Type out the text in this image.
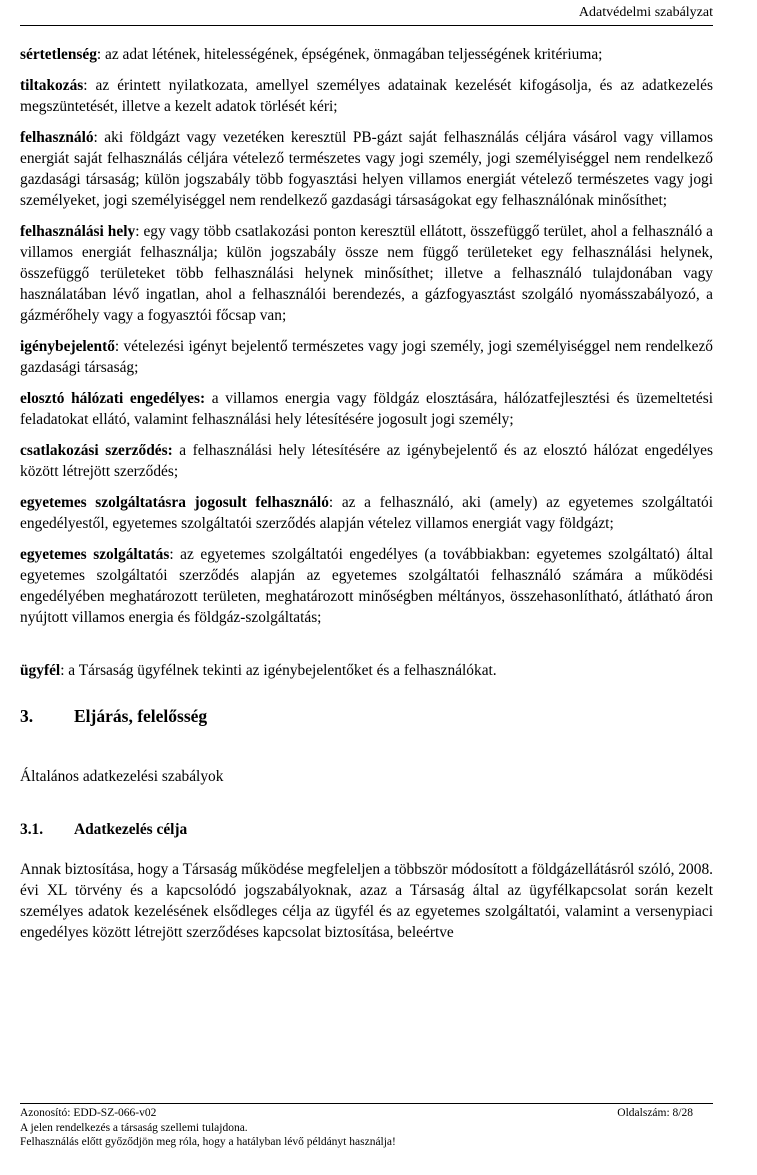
Adatvédelmi szabályzat

sértetlenség: az adat létének, hitelességének, épségének, önmagában teljességének kritériuma;

tiltakozás: az érintett nyilatkozata, amellyel személyes adatainak kezelését kifogásolja, és az adatkezelés megszüntetését, illetve a kezelt adatok törlését kéri;

felhasználó: aki földgázt vagy vezetéken keresztül PB-gázt saját felhasználás céljára vásárol vagy villamos energiát saját felhasználás céljára vételező természetes vagy jogi személy, jogi személyiséggel nem rendelkező gazdasági társaság; külön jogszabály több fogyasztási helyen villamos energiát vételező természetes vagy jogi személyeket, jogi személyiséggel nem rendelkező gazdasági társaságokat egy felhasználónak minősíthet;

felhasználási hely: egy vagy több csatlakozási ponton keresztül ellátott, összefüggő terület, ahol a felhasználó a villamos energiát felhasználja; külön jogszabály össze nem függő területeket egy felhasználási helynek, összefüggő területeket több felhasználási helynek minősíthet; illetve a felhasználó tulajdonában vagy használatában lévő ingatlan, ahol a felhasználói berendezés, a gázfogyasztást szolgáló nyomásszabályozó, a gázmérőhely vagy a fogyasztói főcsap van;

igénybejelentő: vételezési igényt bejelentő természetes vagy jogi személy, jogi személyiséggel nem rendelkező gazdasági társaság;

elosztó hálózati engedélyes: a villamos energia vagy földgáz elosztására, hálózatfejlesztési és üzemeltetési feladatokat ellátó, valamint felhasználási hely létesítésére jogosult jogi személy;

csatlakozási szerződés: a felhasználási hely létesítésére az igénybejelentő és az elosztó hálózat engedélyes között létrejött szerződés;

egyetemes szolgáltatásra jogosult felhasználó: az a felhasználó, aki (amely) az egyetemes szolgáltatói engedélyestől, egyetemes szolgáltatói szerződés alapján vételez villamos energiát vagy földgázt;

egyetemes szolgáltatás: az egyetemes szolgáltatói engedélyes (a továbbiakban: egyetemes szolgáltató) által egyetemes szolgáltatói szerződés alapján az egyetemes szolgáltatói felhasználó számára a működési engedélyében meghatározott területen, meghatározott minőségben méltányos, összehasonlítható, átlátható áron nyújtott villamos energia és földgáz-szolgáltatás;

ügyfél: a Társaság ügyfélnek tekinti az igénybejelentőket és a felhasználókat.

3. Eljárás, felelősség

Általános adatkezelési szabályok

3.1. Adatkezelés célja

Annak biztosítása, hogy a Társaság működése megfeleljen a többször módosított a földgázellátásról szóló, 2008. évi XL törvény és a kapcsolódó jogszabályoknak, azaz a Társaság által az ügyfélkapcsolat során kezelt személyes adatok kezelésének elsődleges célja az ügyfél és az egyetemes szolgáltatói, valamint a versenypiaci engedélyes között létrejött szerződéses kapcsolat biztosítása, beleértve

Azonosító: EDD-SZ-066-v02	Oldalszám: 8/28
A jelen rendelkezés a társaság szellemi tulajdona.
Felhasználás előtt győződjön meg róla, hogy a hatályban lévő példányt használja!
